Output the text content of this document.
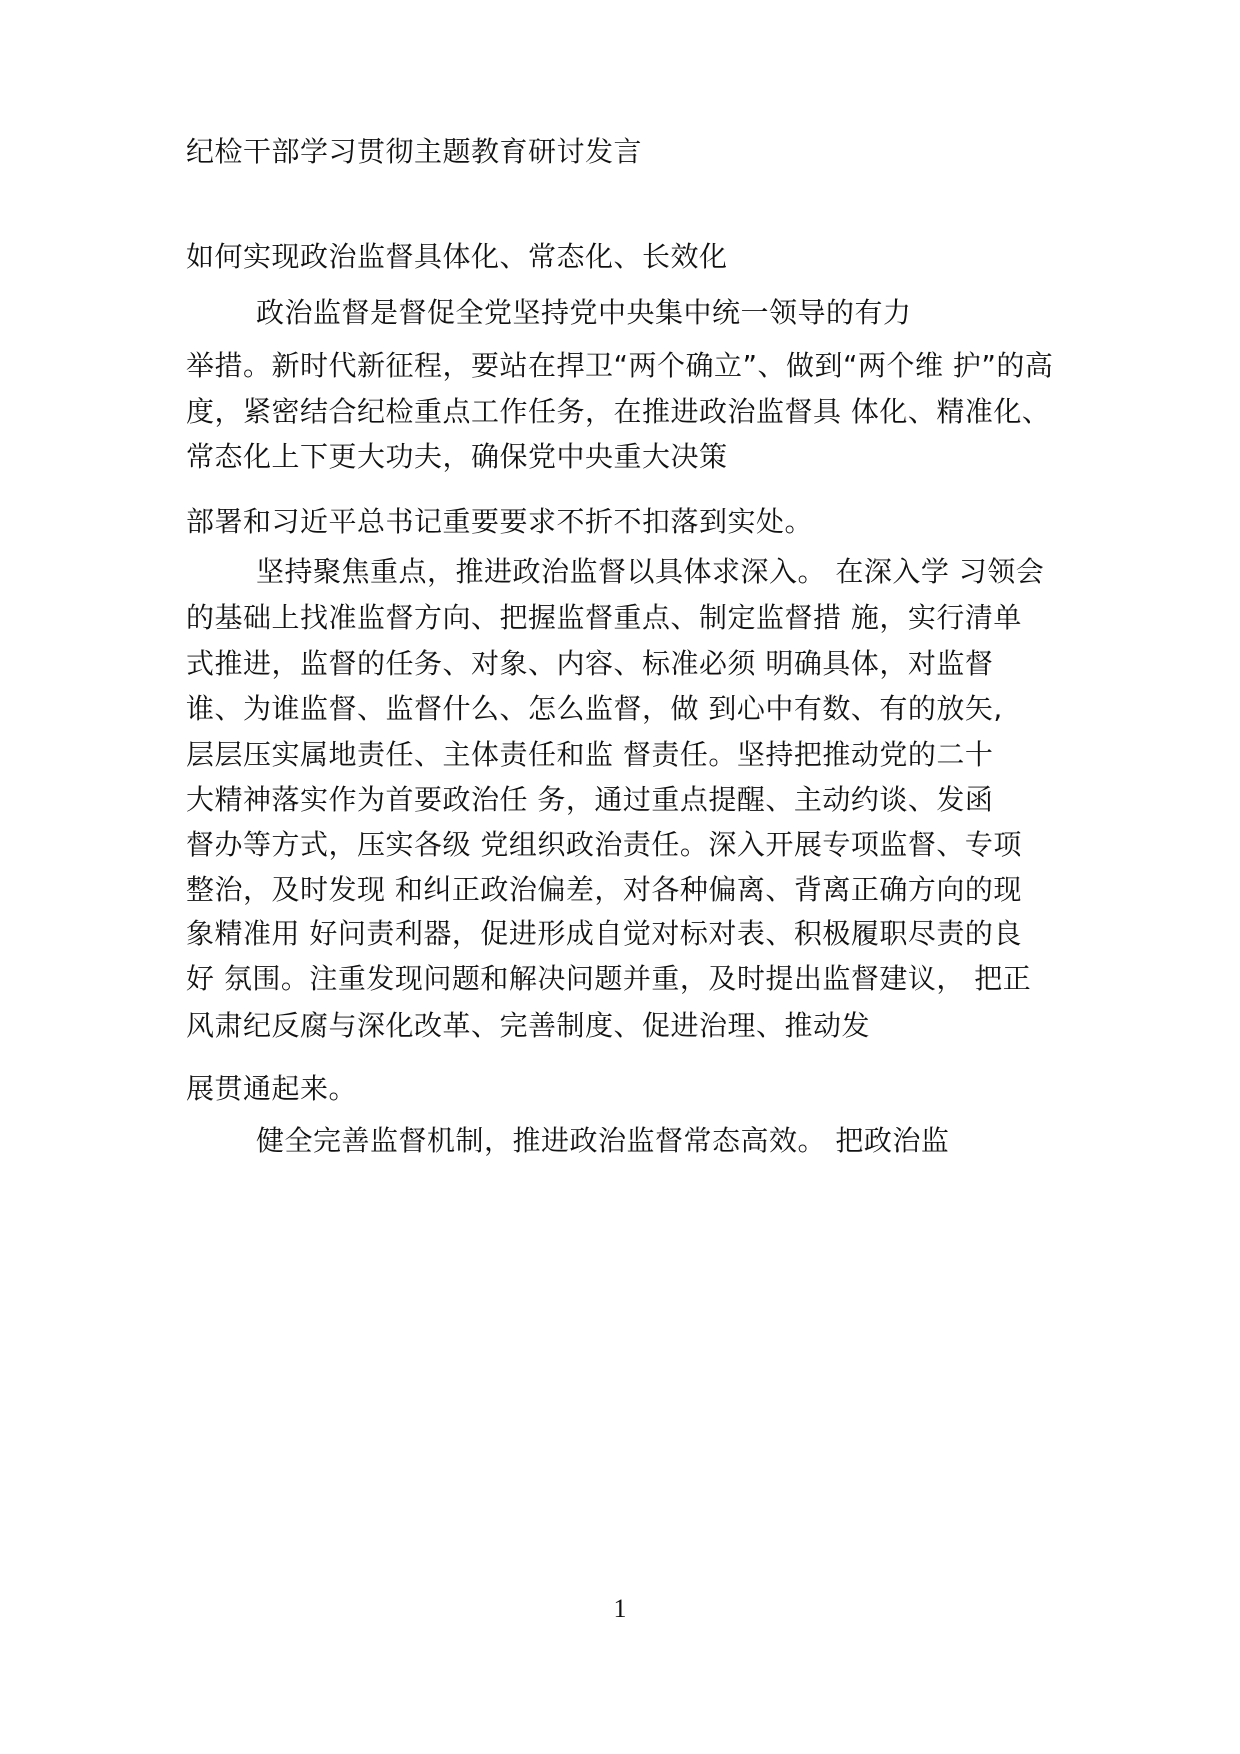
纪检干部学习贯彻主题教育研讨发言
如何实现政治监督具体化、常态化、长效化
政治监督是督促全党坚持党中央集中统一领导的有力
举措。新时代新征程，要站在捍卫“两个确立”、做到“两个维 护”的高
度，紧密结合纪检重点工作任务，在推进政治监督具 体化、精准化、
常态化上下更大功夫，确保党中央重大决策
部署和习近平总书记重要要求不折不扣落到实处。
坚持聚焦重点，推进政治监督以具体求深入。 在深入学 习领会
的基础上找准监督方向、把握监督重点、制定监督措 施，实行清单
式推进，监督的任务、对象、内容、标准必须 明确具体，对监督
谁、为谁监督、监督什么、怎么监督，做 到心中有数、有的放矢,
层层压实属地责任、主体责任和监 督责任。坚持把推动党的二十
大精神落实作为首要政治任 务，通过重点提醒、主动约谈、发函
督办等方式，压实各级 党组织政治责任。深入开展专项监督、专项
整治，及时发现 和纠正政治偏差，对各种偏离、背离正确方向的现
象精准用 好问责利器，促进形成自觉对标对表、积极履职尽责的良
好 氛围。注重发现问题和解决问题并重，及时提出监督建议， 把正
风肃纪反腐与深化改革、完善制度、促进治理、推动发
展贯通起来。
健全完善监督机制，推进政治监督常态高效。 把政治监
1
